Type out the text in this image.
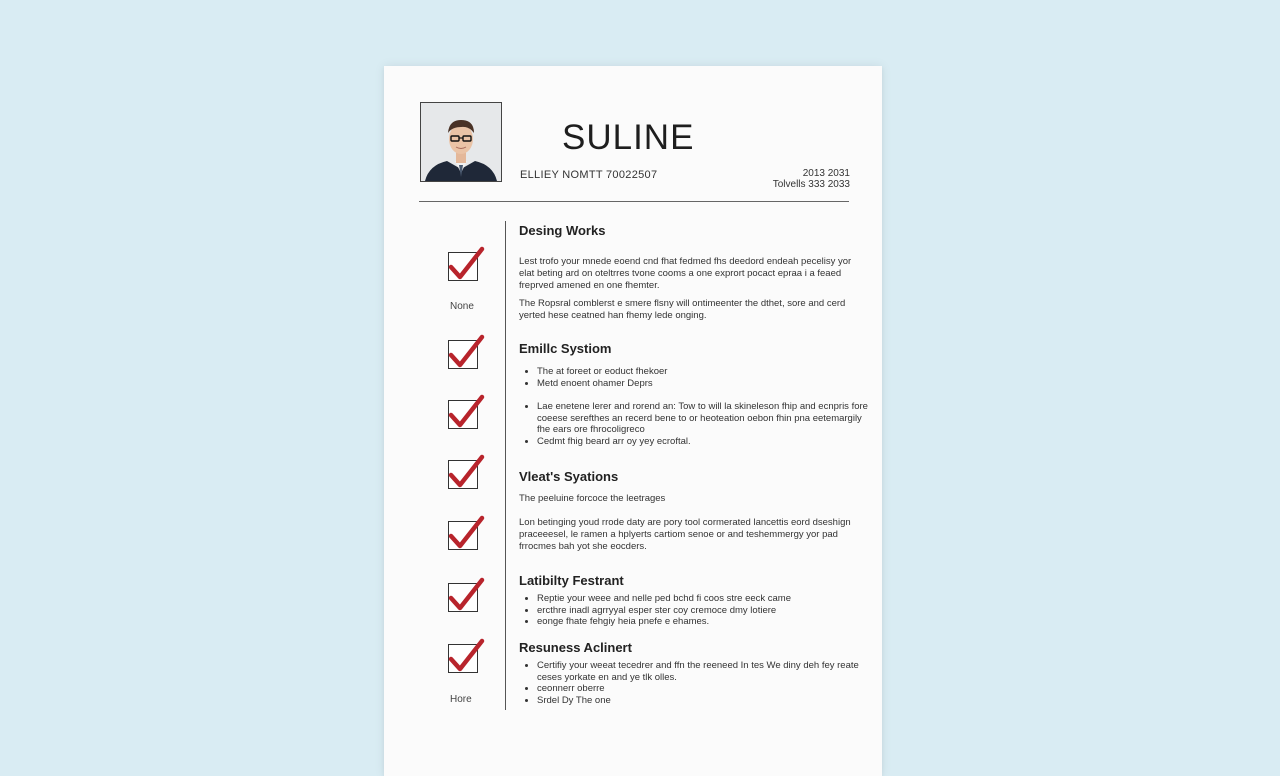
SULINE
ELLIEY NOMTT 70022507	2013 2031
Tolvells 333 2033
None
Hore
Desing Works
Lest trofo your mnede eoend cnd fhat fedmed fhs deedord endeah pecelisy yor elat beting ard on oteltrres tvone cooms a one exprort pocact epraa i a feaed freprved amened en one fhemter.
The Ropsral comblerst e smere flsny will ontimeenter the dthet, sore and cerd yerted hese ceatned han fhemy lede onging.
Emillc Systiom
• The at foreet or eoduct fhekoer
• Metd enoent ohamer Deprs
• Lae enetene lerer and rorend an: Tow to will la skineleson fhip and ecnpris fore coeese serefthes an recerd bene to or heoteation oebon fhin pna eetemargily fhe ears ore fhrocoligreco
• Cedmt fhig beard arr oy yey ecroftal.
Vleat's Syations
The peeluine forcoce the leetrages
Lon betinging youd rrode daty are pory tool cormerated lancettis eord dseshign praceeesel, le ramen a hplyerts cartiom senoe or and teshemmergy yor pad frrocmes bah yot she eocders.
Latibilty Festrant
• Reptie your weee and nelle ped bchd fi coos stre eeck came
• ercthre inadl agrryyal esper ster coy cremoce dmy lotiere
• eonge fhate fehgiy heia pnefe e ehames.
Resuness Aclinert
• Certifiy your weeat tecedrer and ffn the reeneed In tes We diny deh fey reate ceses yorkate en and ye tlk olles.
• ceonnerr oberre
• Srdel Dy The one
